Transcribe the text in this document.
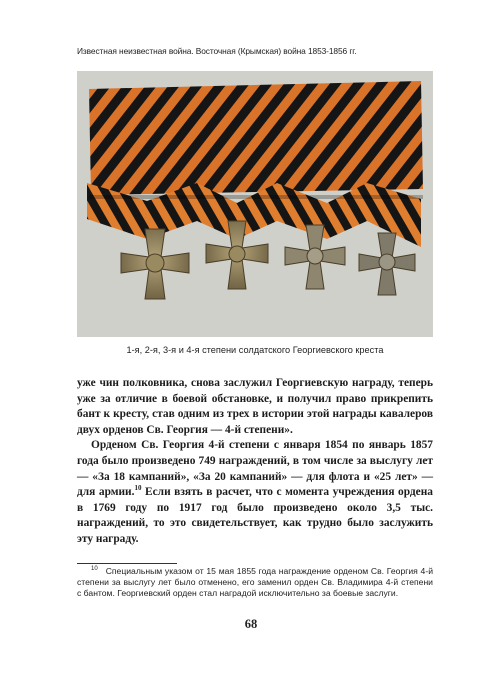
Известная неизвестная война. Восточная (Крымская) война 1853-1856 гг.
1-я, 2-я, 3-я и 4-я степени солдатского Георгиевского креста

уже чин полковника, снова заслужил Георгиевскую награду, теперь уже за отличие в боевой обстановке, и получил право прикрепить бант к кресту, став одним из трех в истории этой награды кавалеров двух орденов Св. Георгия — 4-й степени».

Орденом Св. Георгия 4-й степени с января 1854 по январь 1857 года было произведено 749 награждений, в том числе за выслугу лет — «За 18 кампаний», «За 20 кампаний» — для флота и «25 лет» — для армии.$^{10}$ Если взять в расчет, что с момента учреждения ордена в 1769 году по 1917 год было произведено около 3,5 тыс. награждений, то это свидетельствует, как трудно было заслужить эту награду.

$^{10}$ Специальным указом от 15 мая 1855 года награждение орденом Св. Георгия 4-й степени за выслугу лет было отменено, его заменил орден Св. Владимира 4-й степени с бантом. Георгиевский орден стал наградой исключительно за боевые заслуги.
68
